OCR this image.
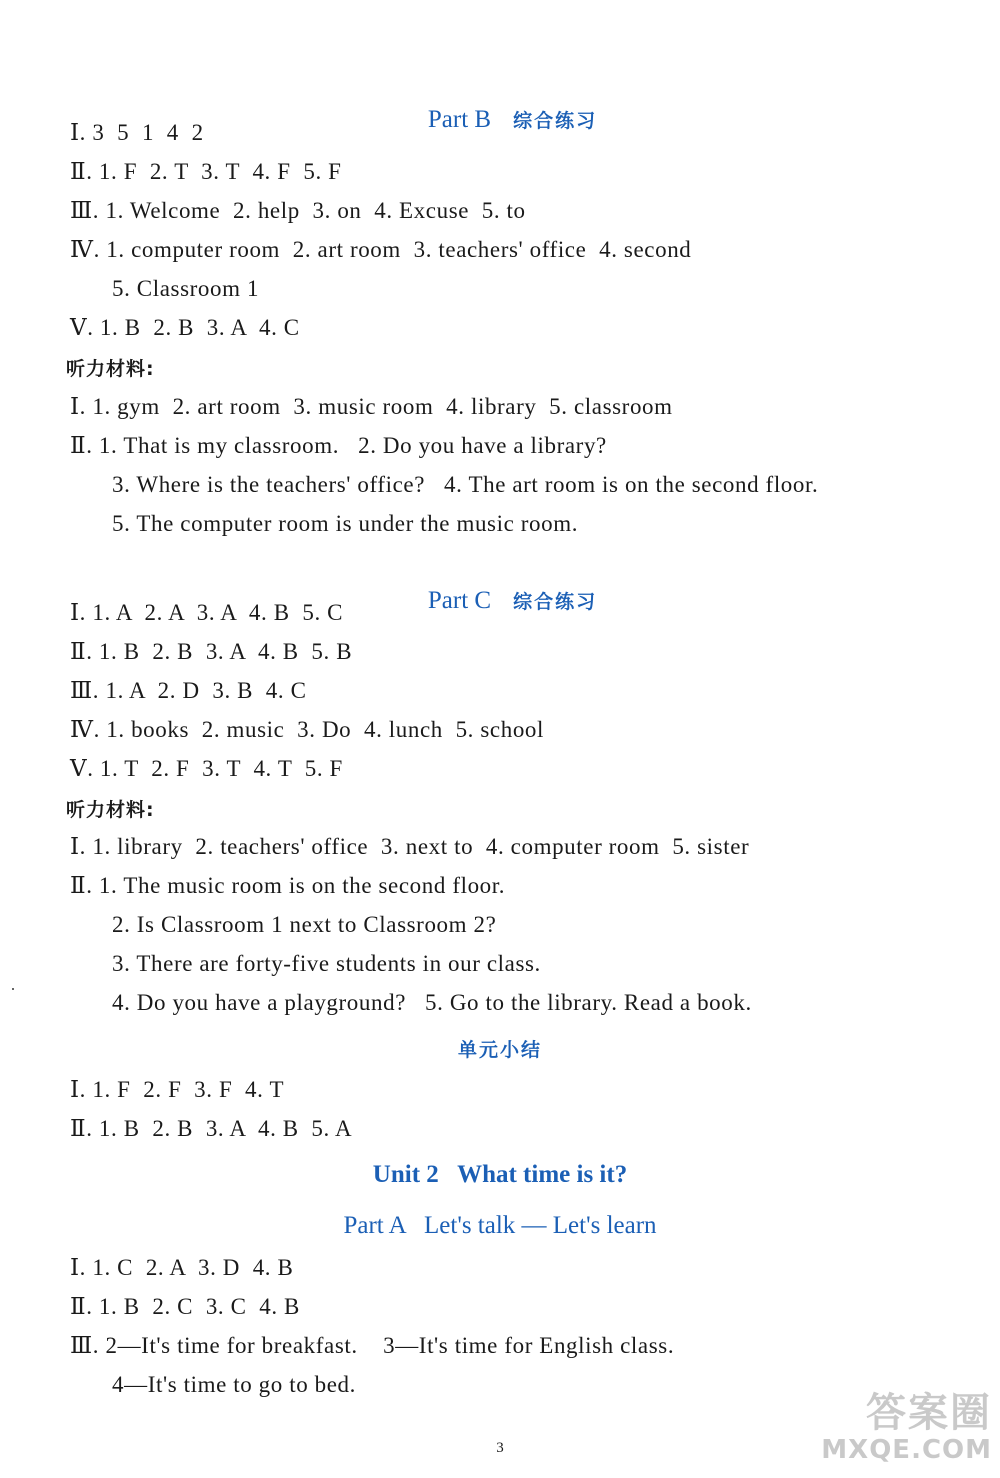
Part B 综合练习

Ⅰ. 3  5  1  4  2
Ⅱ. 1. F  2. T  3. T  4. F  5. F
Ⅲ. 1. Welcome  2. help  3. on  4. Excuse  5. to
Ⅳ. 1. computer room  2. art room  3. teachers' office  4. second
5. Classroom 1
Ⅴ. 1. B  2. B  3. A  4. C
听力材料:
Ⅰ. 1. gym  2. art room  3. music room  4. library  5. classroom
Ⅱ. 1. That is my classroom.   2. Do you have a library?
3. Where is the teachers' office?   4. The art room is on the second floor.
5. The computer room is under the music room.

Part C 综合练习

Ⅰ. 1. A  2. A  3. A  4. B  5. C
Ⅱ. 1. B  2. B  3. A  4. B  5. B
Ⅲ. 1. A  2. D  3. B  4. C
Ⅳ. 1. books  2. music  3. Do  4. lunch  5. school
Ⅴ. 1. T  2. F  3. T  4. T  5. F
听力材料:
Ⅰ. 1. library  2. teachers' office  3. next to  4. computer room  5. sister
Ⅱ. 1. The music room is on the second floor.
2. Is Classroom 1 next to Classroom 2?
3. There are forty-five students in our class.
4. Do you have a playground?   5. Go to the library. Read a book.
单元小结
Ⅰ. 1. F  2. F  3. F  4. T
Ⅱ. 1. B  2. B  3. A  4. B  5. A
Unit 2   What time is it?
Part A   Let's talk — Let's learn
Ⅰ. 1. C  2. A  3. D  4. B
Ⅱ. 1. B  2. C  3. C  4. B
Ⅲ. 2—It's time for breakfast.    3—It's time for English class.
4—It's time to go to bed.
3
答案圈
MXQE.COM
